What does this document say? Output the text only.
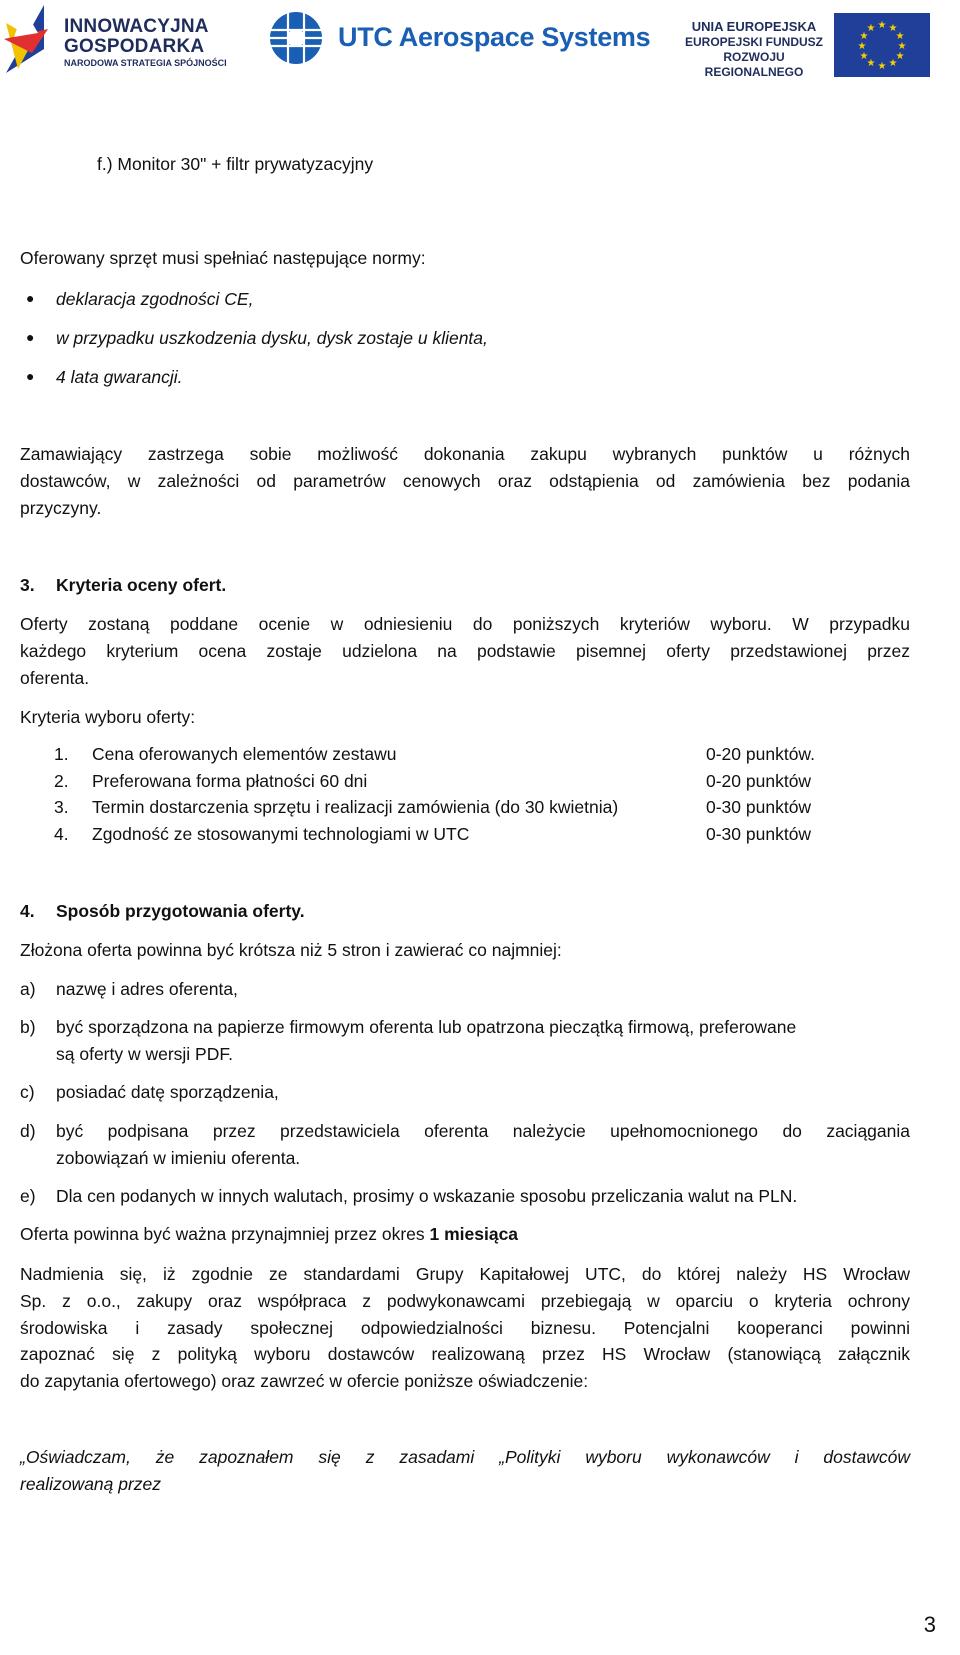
INNOWACYJNA
GOSPODARKA
NARODOWA STRATEGIA SPÓJNOŚCI
UTC Aerospace Systems	UNIA EUROPEJSKA
EUROPEJSKI FUNDUSZ
ROZWOJU REGIONALNEGO
★ ★
★
★
★
★
★
★
★
★
★
★
f.) Monitor 30" + filtr prywatyzacyjny
Oferowany sprzęt musi spełniać następujące normy:
● deklaracja zgodności CE,
● w przypadku uszkodzenia dysku, dysk zostaje u klienta,
● 4 lata gwarancji.
Zamawiający zastrzega sobie możliwość dokonania zakupu wybranych punktów u różnych
dostawców, w zależności od parametrów cenowych oraz odstąpienia od zamówienia bez podania
przyczyny.
3. Kryteria oceny ofert.
Oferty zostaną poddane ocenie w odniesieniu do poniższych kryteriów wyboru. W przypadku
każdego kryterium ocena zostaje udzielona na podstawie pisemnej oferty przedstawionej przez
oferenta.
Kryteria wyboru oferty:
1. Cena oferowanych elementów zestawu	0-20 punktów.
2. Preferowana forma płatności 60 dni	0-20 punktów
3. Termin dostarczenia sprzętu i realizacji zamówienia (do 30 kwietnia)	0-30 punktów
4. Zgodność ze stosowanymi technologiami w UTC	0-30 punktów
4. Sposób przygotowania oferty.
Złożona oferta powinna być krótsza niż 5 stron i zawierać co najmniej:
a) nazwę i adres oferenta,
b) być sporządzona na papierze firmowym oferenta lub opatrzona pieczątką firmową, preferowane
są oferty w wersji PDF.
c) posiadać datę sporządzenia,
d) być podpisana przez przedstawiciela oferenta należycie upełnomocnionego do zaciągania
zobowiązań w imieniu oferenta.
e) Dla cen podanych w innych walutach, prosimy o wskazanie sposobu przeliczania walut na PLN.
Oferta powinna być ważna przynajmniej przez okres 1 miesiąca
Nadmienia się, iż zgodnie ze standardami Grupy Kapitałowej UTC, do której należy HS Wrocław
Sp. z o.o., zakupy oraz współpraca z podwykonawcami przebiegają w oparciu o kryteria ochrony
środowiska i zasady społecznej odpowiedzialności biznesu. Potencjalni kooperanci powinni
zapoznać się z polityką wyboru dostawców realizowaną przez HS Wrocław (stanowiącą załącznik
do zapytania ofertowego) oraz zawrzeć w ofercie poniższe oświadczenie:
„Oświadczam, że zapoznałem się z zasadami „Polityki wyboru wykonawców i dostawców
realizowaną przez
3
